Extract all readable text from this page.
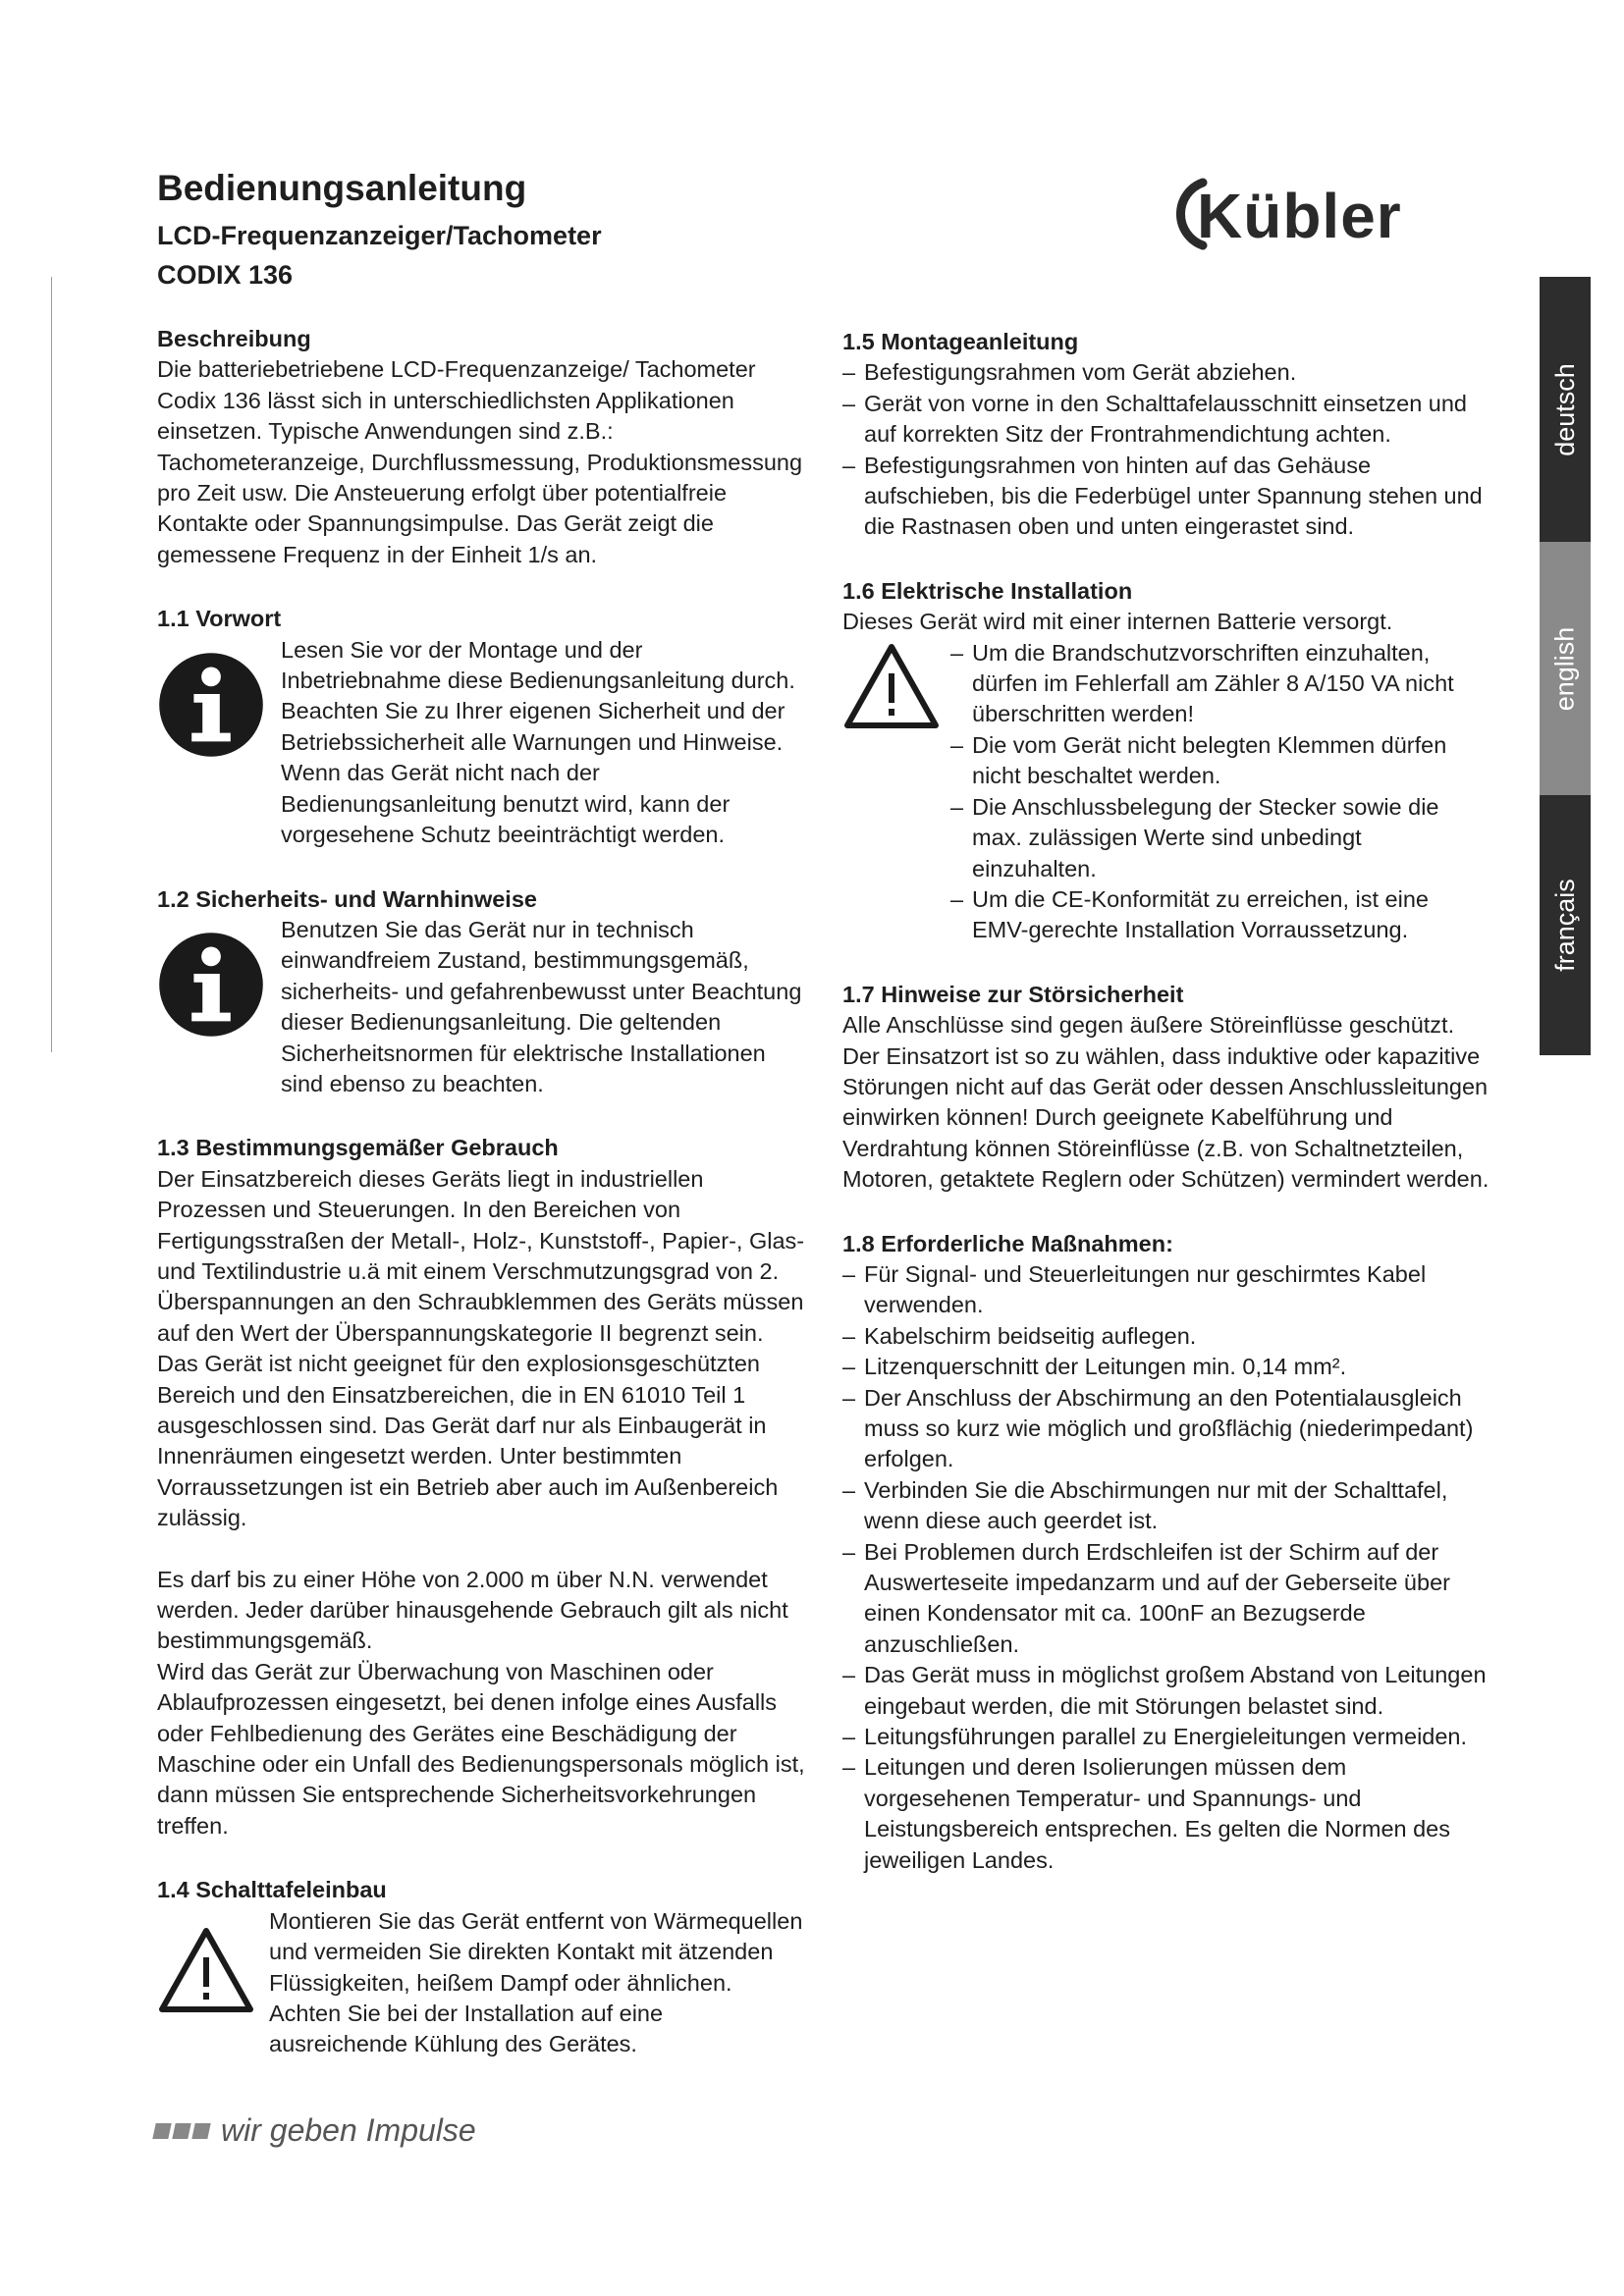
Bedienungsanleitung
LCD-Frequenzanzeiger/Tachometer
CODIX 136
Kübler
deutsch
english
français
Beschreibung

Die batteriebetriebene LCD-Frequenzanzeige/ Tachometer Codix 136 lässt sich in unterschiedlichsten Applikationen einsetzen. Typische Anwendungen sind z.B.: Tachometeranzeige, Durchflussmessung, Produktionsmessung pro Zeit usw. Die Ansteuerung erfolgt über potentialfreie Kontakte oder Spannungsimpulse. Das Gerät zeigt die gemessene Frequenz in der Einheit 1/s an.

1.1 Vorwort

Lesen Sie vor der Montage und der Inbetriebnahme diese Bedienungsanleitung durch. Beachten Sie zu Ihrer eigenen Sicherheit und der Betriebssicherheit alle Warnungen und Hinweise. Wenn das Gerät nicht nach der Bedienungsanleitung benutzt wird, kann der vorgesehene Schutz beeinträchtigt werden.

1.2 Sicherheits- und Warnhinweise

Benutzen Sie das Gerät nur in technisch einwandfreiem Zustand, bestimmungsgemäß, sicherheits- und gefahrenbewusst unter Beachtung dieser Bedienungsanleitung. Die geltenden Sicherheitsnormen für elektrische Installationen sind ebenso zu beachten.

1.3 Bestimmungsgemäßer Gebrauch

Der Einsatzbereich dieses Geräts liegt in industriellen Prozessen und Steuerungen. In den Bereichen von Fertigungsstraßen der Metall-, Holz-, Kunststoff-, Papier-, Glas- und Textilindustrie u.ä mit einem Verschmutzungsgrad von 2. Überspannungen an den Schraubklemmen des Geräts müssen auf den Wert der Überspannungskategorie II begrenzt sein. Das Gerät ist nicht geeignet für den explosionsgeschützten Bereich und den Einsatzbereichen, die in EN 61010 Teil 1 ausgeschlossen sind. Das Gerät darf nur als Einbaugerät in Innenräumen eingesetzt werden. Unter bestimmten Vorraussetzungen ist ein Betrieb aber auch im Außenbereich zulässig.

Es darf bis zu einer Höhe von 2.000 m über N.N. verwendet werden. Jeder darüber hinausgehende Gebrauch gilt als nicht bestimmungsgemäß.

Wird das Gerät zur Überwachung von Maschinen oder Ablaufprozessen eingesetzt, bei denen infolge eines Ausfalls oder Fehlbedienung des Gerätes eine Beschädigung der Maschine oder ein Unfall des Bedienungspersonals möglich ist, dann müssen Sie entsprechende Sicherheitsvorkehrungen treffen.

1.4 Schalttafeleinbau

Montieren Sie das Gerät entfernt von Wärmequellen und vermeiden Sie direkten Kontakt mit ätzenden Flüssigkeiten, heißem Dampf oder ähnlichen. Achten Sie bei der Installation auf eine ausreichende Kühlung des Gerätes.

1.5 Montageanleitung
– Befestigungsrahmen vom Gerät abziehen.
– Gerät von vorne in den Schalttafelausschnitt einsetzen und auf korrekten Sitz der Frontrahmendichtung achten.
– Befestigungsrahmen von hinten auf das Gehäuse aufschieben, bis die Federbügel unter Spannung stehen und die Rastnasen oben und unten eingerastet sind.
1.6 Elektrische Installation

Dieses Gerät wird mit einer internen Batterie versorgt.

– Um die Brandschutzvorschriften einzuhalten, dürfen im Fehlerfall am Zähler 8 A/150 VA nicht überschritten werden!
– Die vom Gerät nicht belegten Klemmen dürfen nicht beschaltet werden.
– Die Anschlussbelegung der Stecker sowie die max. zulässigen Werte sind unbedingt einzuhalten.
– Um die CE-Konformität zu erreichen, ist eine EMV-gerechte Installation Vorraussetzung.
1.7 Hinweise zur Störsicherheit

Alle Anschlüsse sind gegen äußere Störeinflüsse geschützt. Der Einsatzort ist so zu wählen, dass induktive oder kapazitive Störungen nicht auf das Gerät oder dessen Anschlussleitungen einwirken können! Durch geeignete Kabelführung und Verdrahtung können Störeinflüsse (z.B. von Schaltnetzteilen, Motoren, getaktete Reglern oder Schützen) vermindert werden.

1.8 Erforderliche Maßnahmen:
– Für Signal- und Steuerleitungen nur geschirmtes Kabel verwenden.
– Kabelschirm beidseitig auflegen.
– Litzenquerschnitt der Leitungen min. 0,14 mm².
– Der Anschluss der Abschirmung an den Potentialausgleich muss so kurz wie möglich und großflächig (niederimpedant) erfolgen.
– Verbinden Sie die Abschirmungen nur mit der Schalttafel, wenn diese auch geerdet ist.
– Bei Problemen durch Erdschleifen ist der Schirm auf der Auswerteseite impedanzarm und auf der Geberseite über einen Kondensator mit ca. 100nF an Bezugserde anzuschließen.
– Das Gerät muss in möglichst großem Abstand von Leitungen eingebaut werden, die mit Störungen belastet sind.
– Leitungsführungen parallel zu Energieleitungen vermeiden.
– Leitungen und deren Isolierungen müssen dem vorgesehenen Temperatur- und Spannungs- und Leistungsbereich entsprechen. Es gelten die Normen des jeweiligen Landes.
wir geben Impulse
